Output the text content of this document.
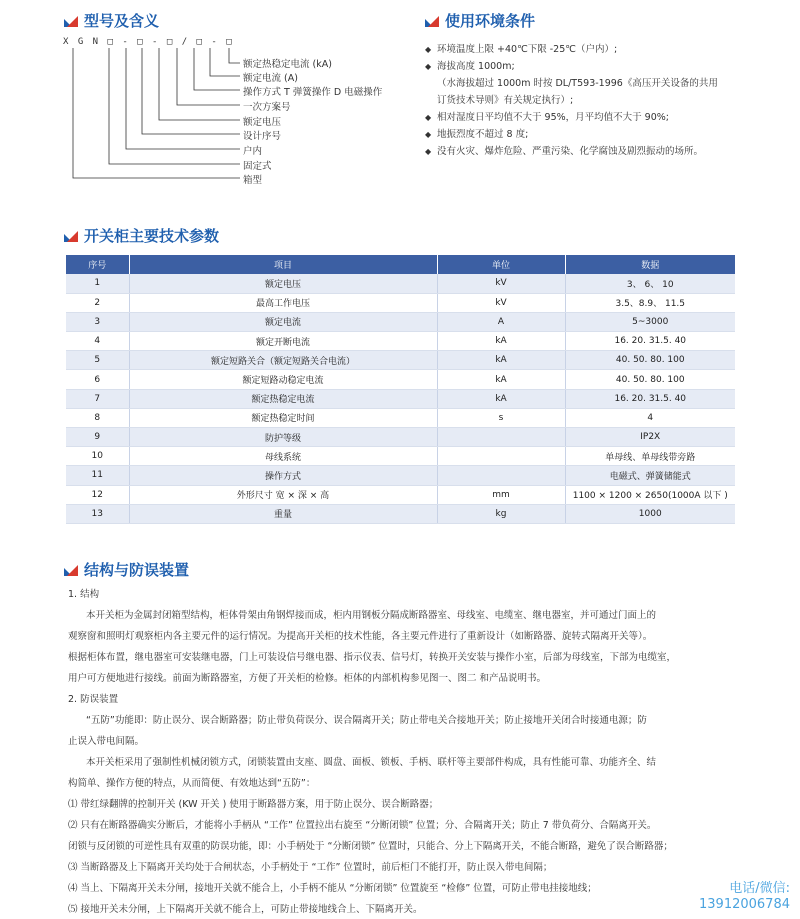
型号及含义
X G N □ - □ - □ / □ - □
额定热稳定电流 (kA)
额定电流 (A)
操作方式 T 弹簧操作 D 电磁操作
一次方案号
额定电压
设计序号
户内
固定式
箱型
使用环境条件
◆ 环境温度上限 +40℃下限 -25℃（户内）;
◆ 海拔高度 1000m;
（水海拔超过 1000m 时按 DL/T593-1996《高压开关设备的共用
订货技术导则》有关规定执行）;
◆ 相对湿度日平均值不大于 95%，月平均值不大于 90%;
◆ 地振烈度不超过 8 度;
◆ 没有火灾、爆炸危险、严重污染、化学腐蚀及剧烈振动的场所。
开关柜主要技术参数
序号	项目	单位	数据
1	额定电压	kV	3、 6、 10
2	最高工作电压	kV	3.5、8.9、 11.5
3	额定电流	A	5~3000
4	额定开断电流	kA	16. 20. 31.5. 40
5	额定短路关合（额定短路关合电流）	kA	40. 50. 80. 100
6	额定短路动稳定电流	kA	40. 50. 80. 100
7	额定热稳定电流	kA	16. 20. 31.5. 40
8	额定热稳定时间	s	4
9	防护等级		IP2X
10	母线系统		单母线、单母线带旁路
11	操作方式		电磁式、弹簧储能式
12	外形尺寸 宽 × 深 × 高	mm	1100 × 1200 × 2650(1000A 以下 )
13	重量	kg	1000
结构与防误装置
1. 结构
本开关柜为金属封闭箱型结构，柜体骨架由角钢焊接而成，柜内用钢板分隔成断路器室、母线室、电缆室、继电器室，并可通过门面上的
观察窗和照明灯观察柜内各主要元件的运行情况。为提高开关柜的技术性能，各主要元件进行了重新设计（如断路器、旋转式隔离开关等）。
根据柜体布置，继电器室可安装继电器，门上可装设信号继电器、指示仪表、信号灯，转换开关安装与操作小室，后部为母线室，下部为电缆室，
用户可方便地进行接线。前面为断路器室，方便了开关柜的检修。柜体的内部机构参见图一、图二 和产品说明书。
2. 防误装置
“五防”功能即：防止误分、误合断路器；防止带负荷误分、误合隔离开关；防止带电关合接地开关；防止接地开关闭合时接通电源；防
止误入带电间隔。
本开关柜采用了强制性机械闭锁方式，闭锁装置由支座、圆盘、面板、锁板、手柄、联杆等主要部件构成，具有性能可靠、功能齐全、结
构简单、操作方便的特点，从而简便、有效地达到“五防”：
⑴ 带红绿翻牌的控制开关 (KW 开关 ) 使用于断路器方案，用于防止误分、误合断路器；
⑵ 只有在断路器确实分断后，才能将小手柄从 “工作” 位置拉出右旋至 “分断闭锁” 位置；分、合隔离开关；防止 7 带负荷分、合隔离开关。
闭锁与反闭锁的可逆性具有双重的防误功能，即：小手柄处于 “分断闭锁” 位置时，只能合、分上下隔离开关，不能合断路，避免了误合断路器；
⑶ 当断路器及上下隔离开关均处于合闸状态，小手柄处于 “工作” 位置时，前后柜门不能打开，防止误入带电间隔；
⑷ 当上、下隔离开关未分闸，接地开关就不能合上，小手柄不能从 “分断闭锁” 位置旋至 “检修” 位置，可防止带电挂接地线；
⑸ 接地开关未分闸，上下隔离开关就不能合上，可防止带接地线合上、下隔离开关。
电话/微信:
13912006784
